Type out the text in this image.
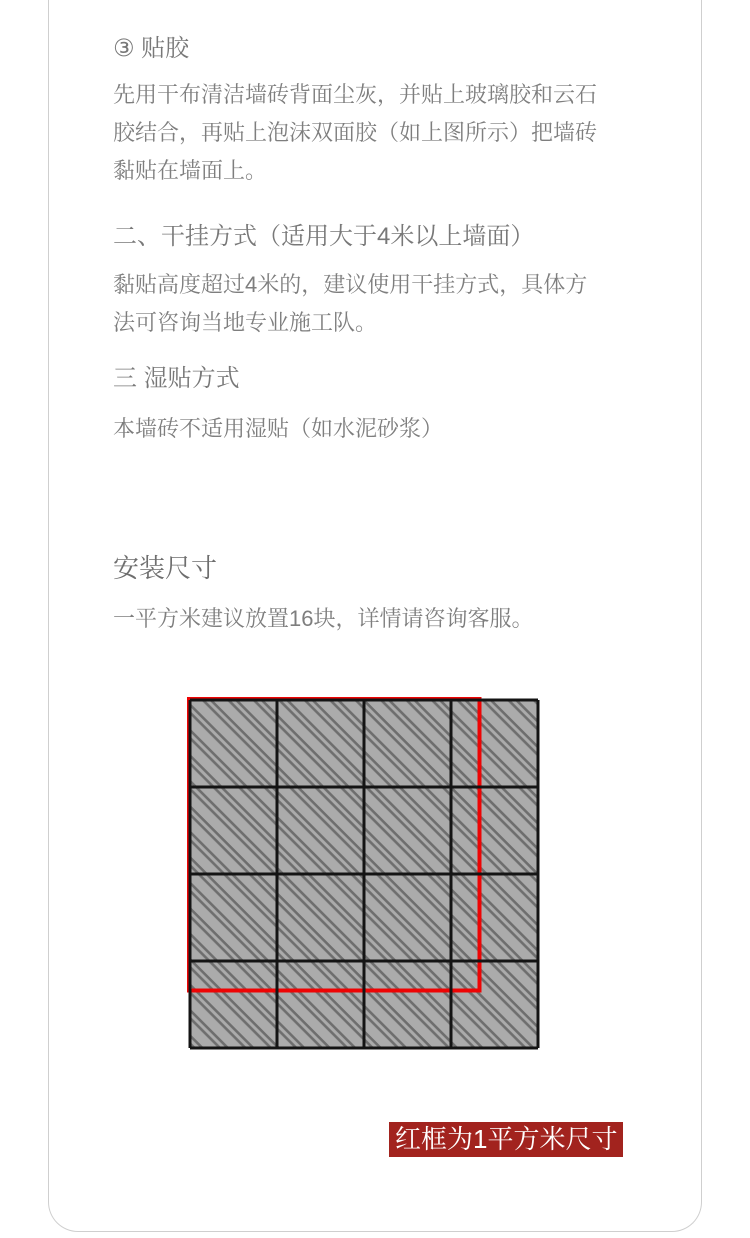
③ 贴胶

先用干布清洁墙砖背面尘灰，并贴上玻璃胶和云石胶结合，再贴上泡沫双面胶（如上图所示）把墙砖黏贴在墙面上。

二、干挂方式（适用大于4米以上墙面）

黏贴高度超过4米的，建议使用干挂方式，具体方法可咨询当地专业施工队。

三 湿贴方式

本墙砖不适用湿贴（如水泥砂浆）

安装尺寸

一平方米建议放置16块，详情请咨询客服。

红框为1平方米尺寸
